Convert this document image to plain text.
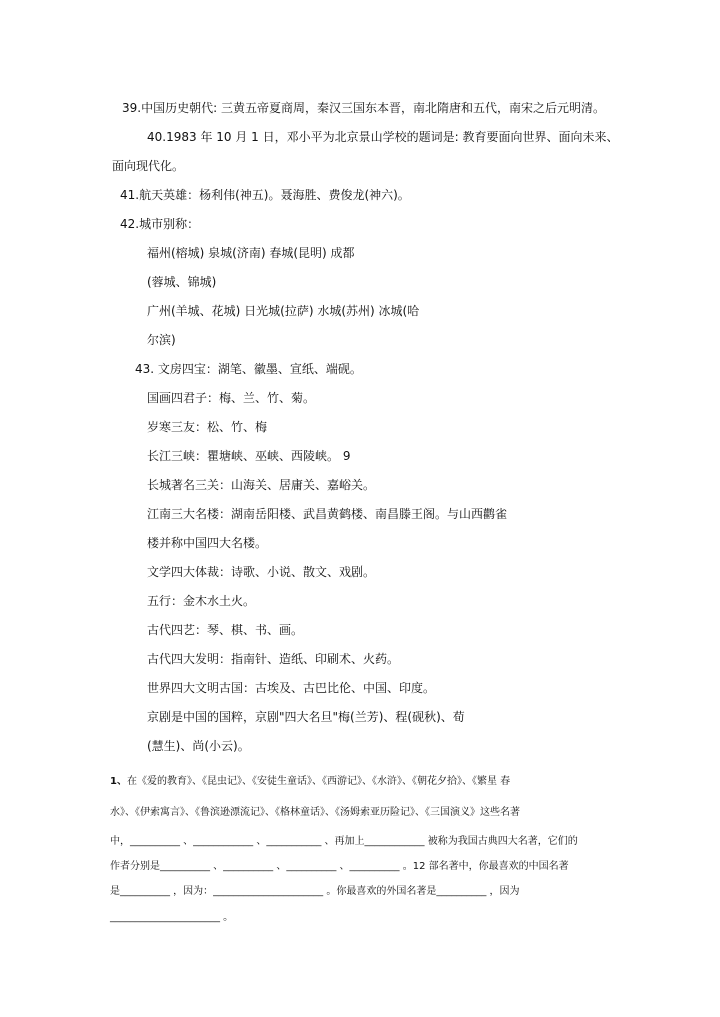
39.中国历史朝代: 三黄五帝夏商周，秦汉三国东本晋，南北隋唐和五代，南宋之后元明清。
40.1983 年 10 月 1 日，邓小平为北京景山学校的题词是: 教育要面向世界、面向未来、
面向现代化。
41.航天英雄：杨利伟(神五)。聂海胜、费俊龙(神六)。
42.城市别称：
福州(榕城) 泉城(济南) 春城(昆明) 成都
(蓉城、锦城)
广州(羊城、花城) 日光城(拉萨) 水城(苏州) 冰城(哈
尔滨)
43. 文房四宝：湖笔、徽墨、宣纸、端砚。
国画四君子：梅、兰、竹、菊。
岁寒三友：松、竹、梅
长江三峡：瞿塘峡、巫峡、西陵峡。 9
长城著名三关：山海关、居庸关、嘉峪关。
江南三大名楼：湖南岳阳楼、武昌黄鹤楼、南昌滕王阁。与山西鹳雀
楼并称中国四大名楼。
文学四大体裁：诗歌、小说、散文、戏剧。
五行：金木水土火。
古代四艺：琴、棋、书、画。
古代四大发明：指南针、造纸、印刷术、火药。
世界四大文明古国：古埃及、古巴比伦、中国、印度。
京剧是中国的国粹，京剧"四大名旦"梅(兰芳)、程(砚秋)、荀
(慧生)、尚(小云)。
1、在《爱的教育》、《昆虫记》、《安徒生童话》、《西游记》、《水浒》、《朝花夕拾》、《繁星 春
水》、《伊索寓言》、《鲁滨逊漂流记》、《格林童话》、《汤姆索亚历险记》、《三国演义》这些名著
中，__________ 、____________ 、___________ 、再加上____________ 被称为我国古典四大名著，它们的
作者分别是__________ 、__________ 、__________ 、__________ 。12 部名著中，你最喜欢的中国名著
是__________ ，因为：______________________ 。你最喜欢的外国名著是__________ ，因为
______________________ 。
